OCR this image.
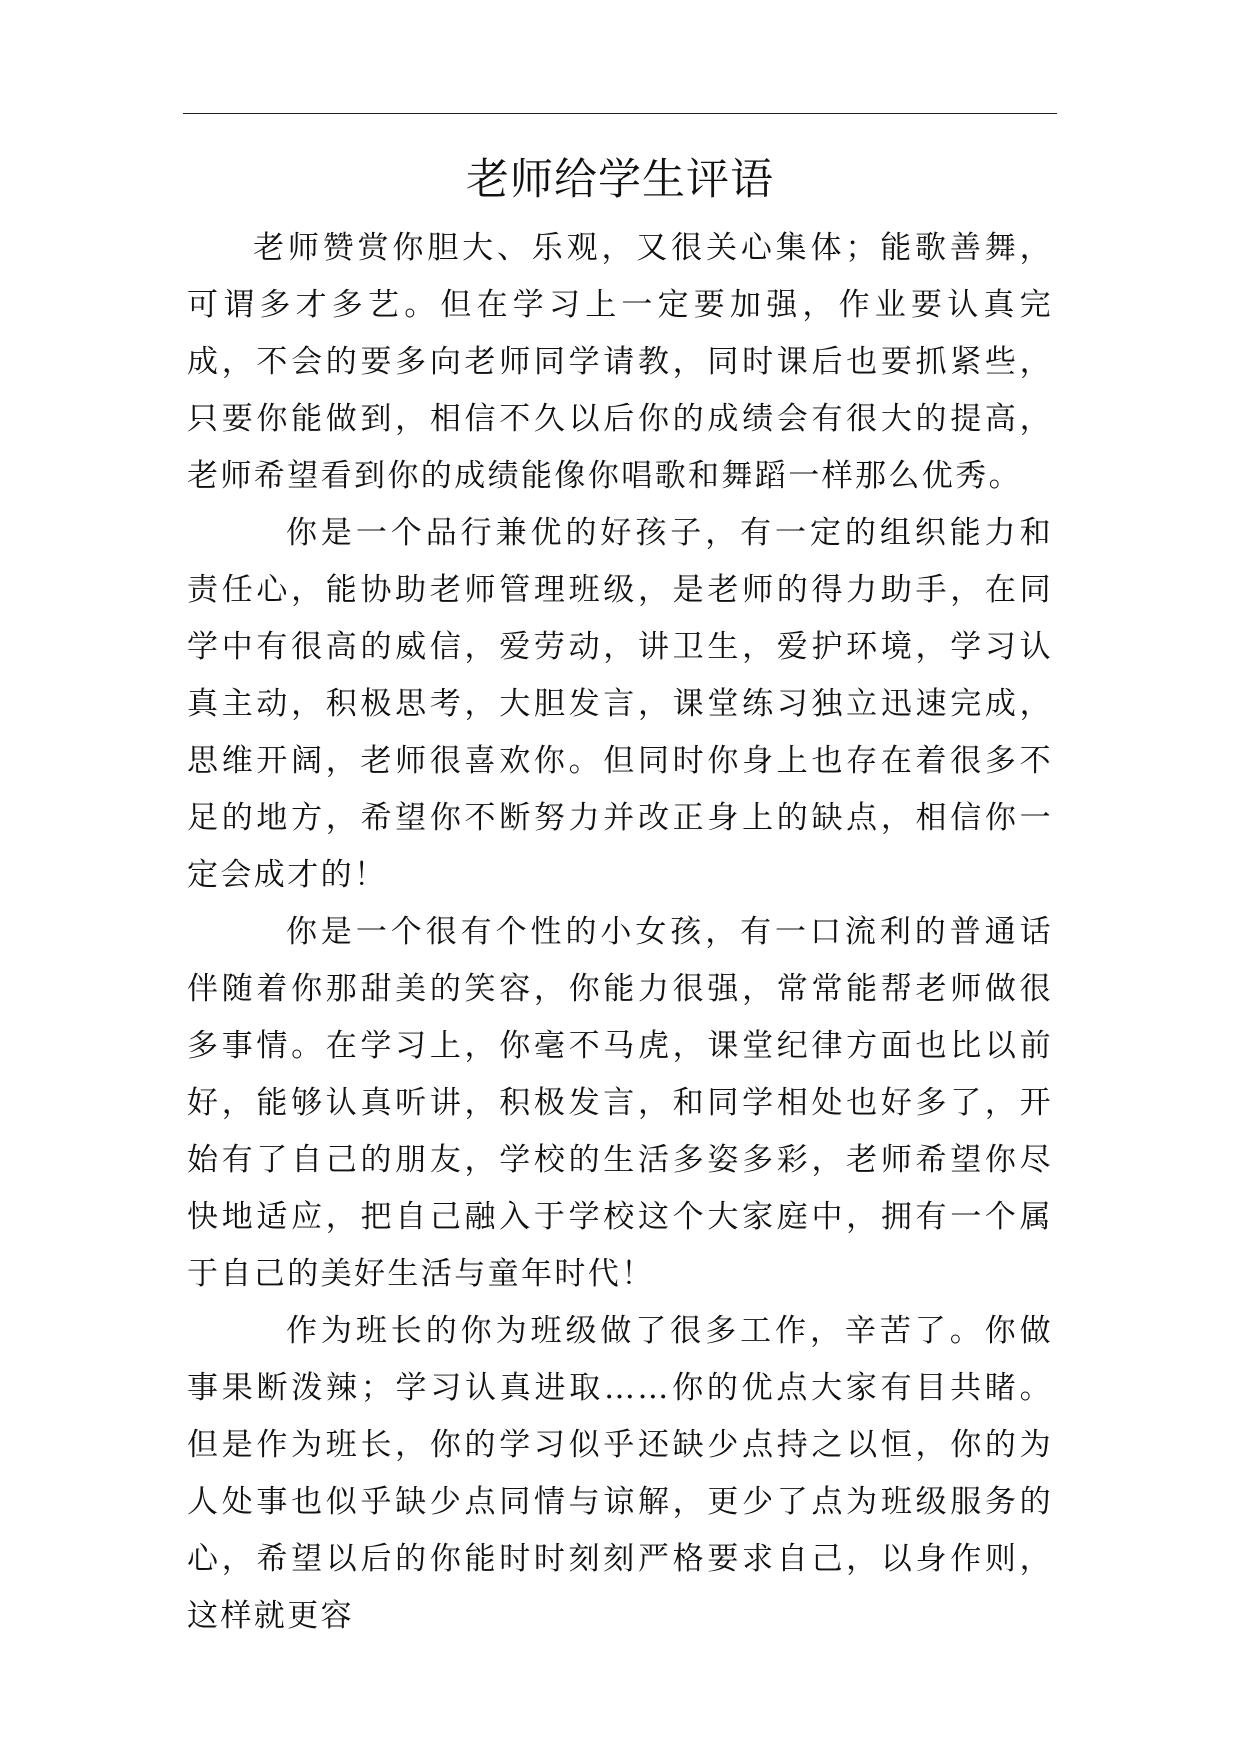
老师给学生评语

老师赞赏你胆大、乐观，又很关心集体；能歌善舞，可谓多才多艺。但在学习上一定要加强，作业要认真完成，不会的要多向老师同学请教，同时课后也要抓紧些，只要你能做到，相信不久以后你的成绩会有很大的提高，老师希望看到你的成绩能像你唱歌和舞蹈一样那么优秀。

你是一个品行兼优的好孩子，有一定的组织能力和责任心，能协助老师管理班级，是老师的得力助手，在同学中有很高的威信，爱劳动，讲卫生，爱护环境，学习认真主动，积极思考，大胆发言，课堂练习独立迅速完成，思维开阔，老师很喜欢你。但同时你身上也存在着很多不足的地方，希望你不断努力并改正身上的缺点，相信你一定会成才的！

你是一个很有个性的小女孩，有一口流利的普通话伴随着你那甜美的笑容，你能力很强，常常能帮老师做很多事情。在学习上，你毫不马虎，课堂纪律方面也比以前好，能够认真听讲，积极发言，和同学相处也好多了，开始有了自己的朋友，学校的生活多姿多彩，老师希望你尽快地适应，把自己融入于学校这个大家庭中，拥有一个属于自己的美好生活与童年时代！

作为班长的你为班级做了很多工作，辛苦了。你做事果断泼辣；学习认真进取……你的优点大家有目共睹。但是作为班长，你的学习似乎还缺少点持之以恒，你的为人处事也似乎缺少点同情与谅解，更少了点为班级服务的心，希望以后的你能时时刻刻严格要求自己，以身作则，这样就更容
